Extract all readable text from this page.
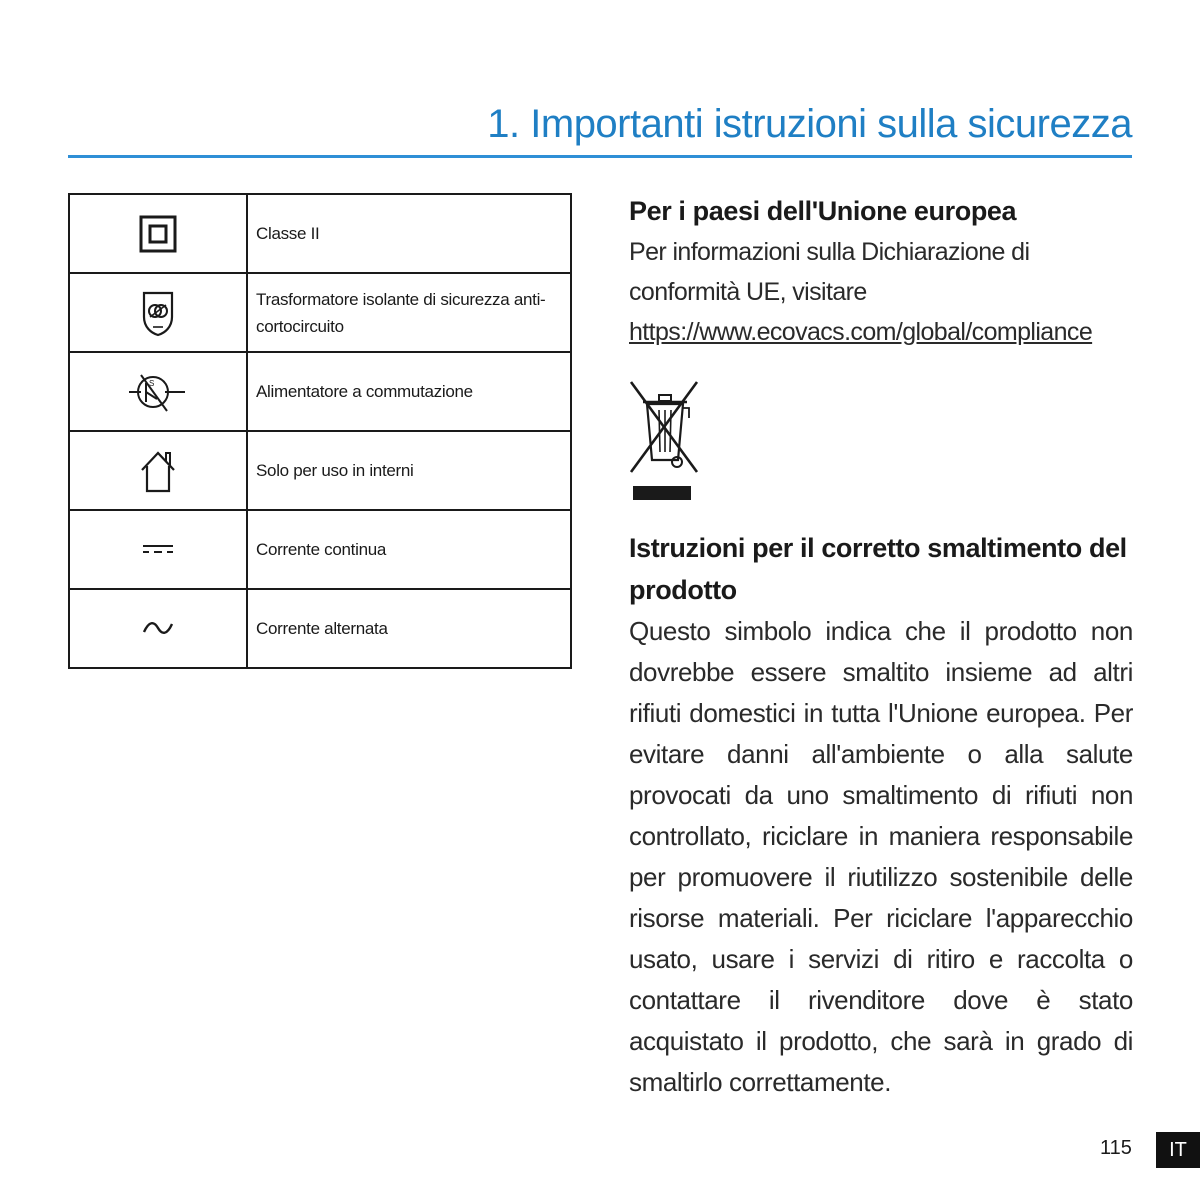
1. Importanti istruzioni sulla sicurezza
	Classe II
	Trasformatore isolante di sicurezza anti-cortocircuito

S	Alimentatore a commutazione
	Solo per uso in interni
	Corrente continua
	Corrente alternata
Per i paesi dell'Unione europea

Per informazioni sulla Dichiarazione di conformità UE, visitare

https://www.ecovacs.com/global/compliance
Istruzioni per il corretto smaltimento del prodotto

Questo simbolo indica che il prodotto non dovrebbe essere smaltito insieme ad altri rifiuti domestici in tutta l'Unione europea. Per evitare danni all'ambiente o alla salute provocati da uno smaltimento di rifiuti non controllato, riciclare in maniera responsabile per promuovere il riutilizzo sostenibile delle risorse materiali. Per riciclare l'apparecchio usato, usare i servizi di ritiro e raccolta o contattare il rivenditore dove è stato acquistato il prodotto, che sarà in grado di smaltirlo correttamente.

115	IT
